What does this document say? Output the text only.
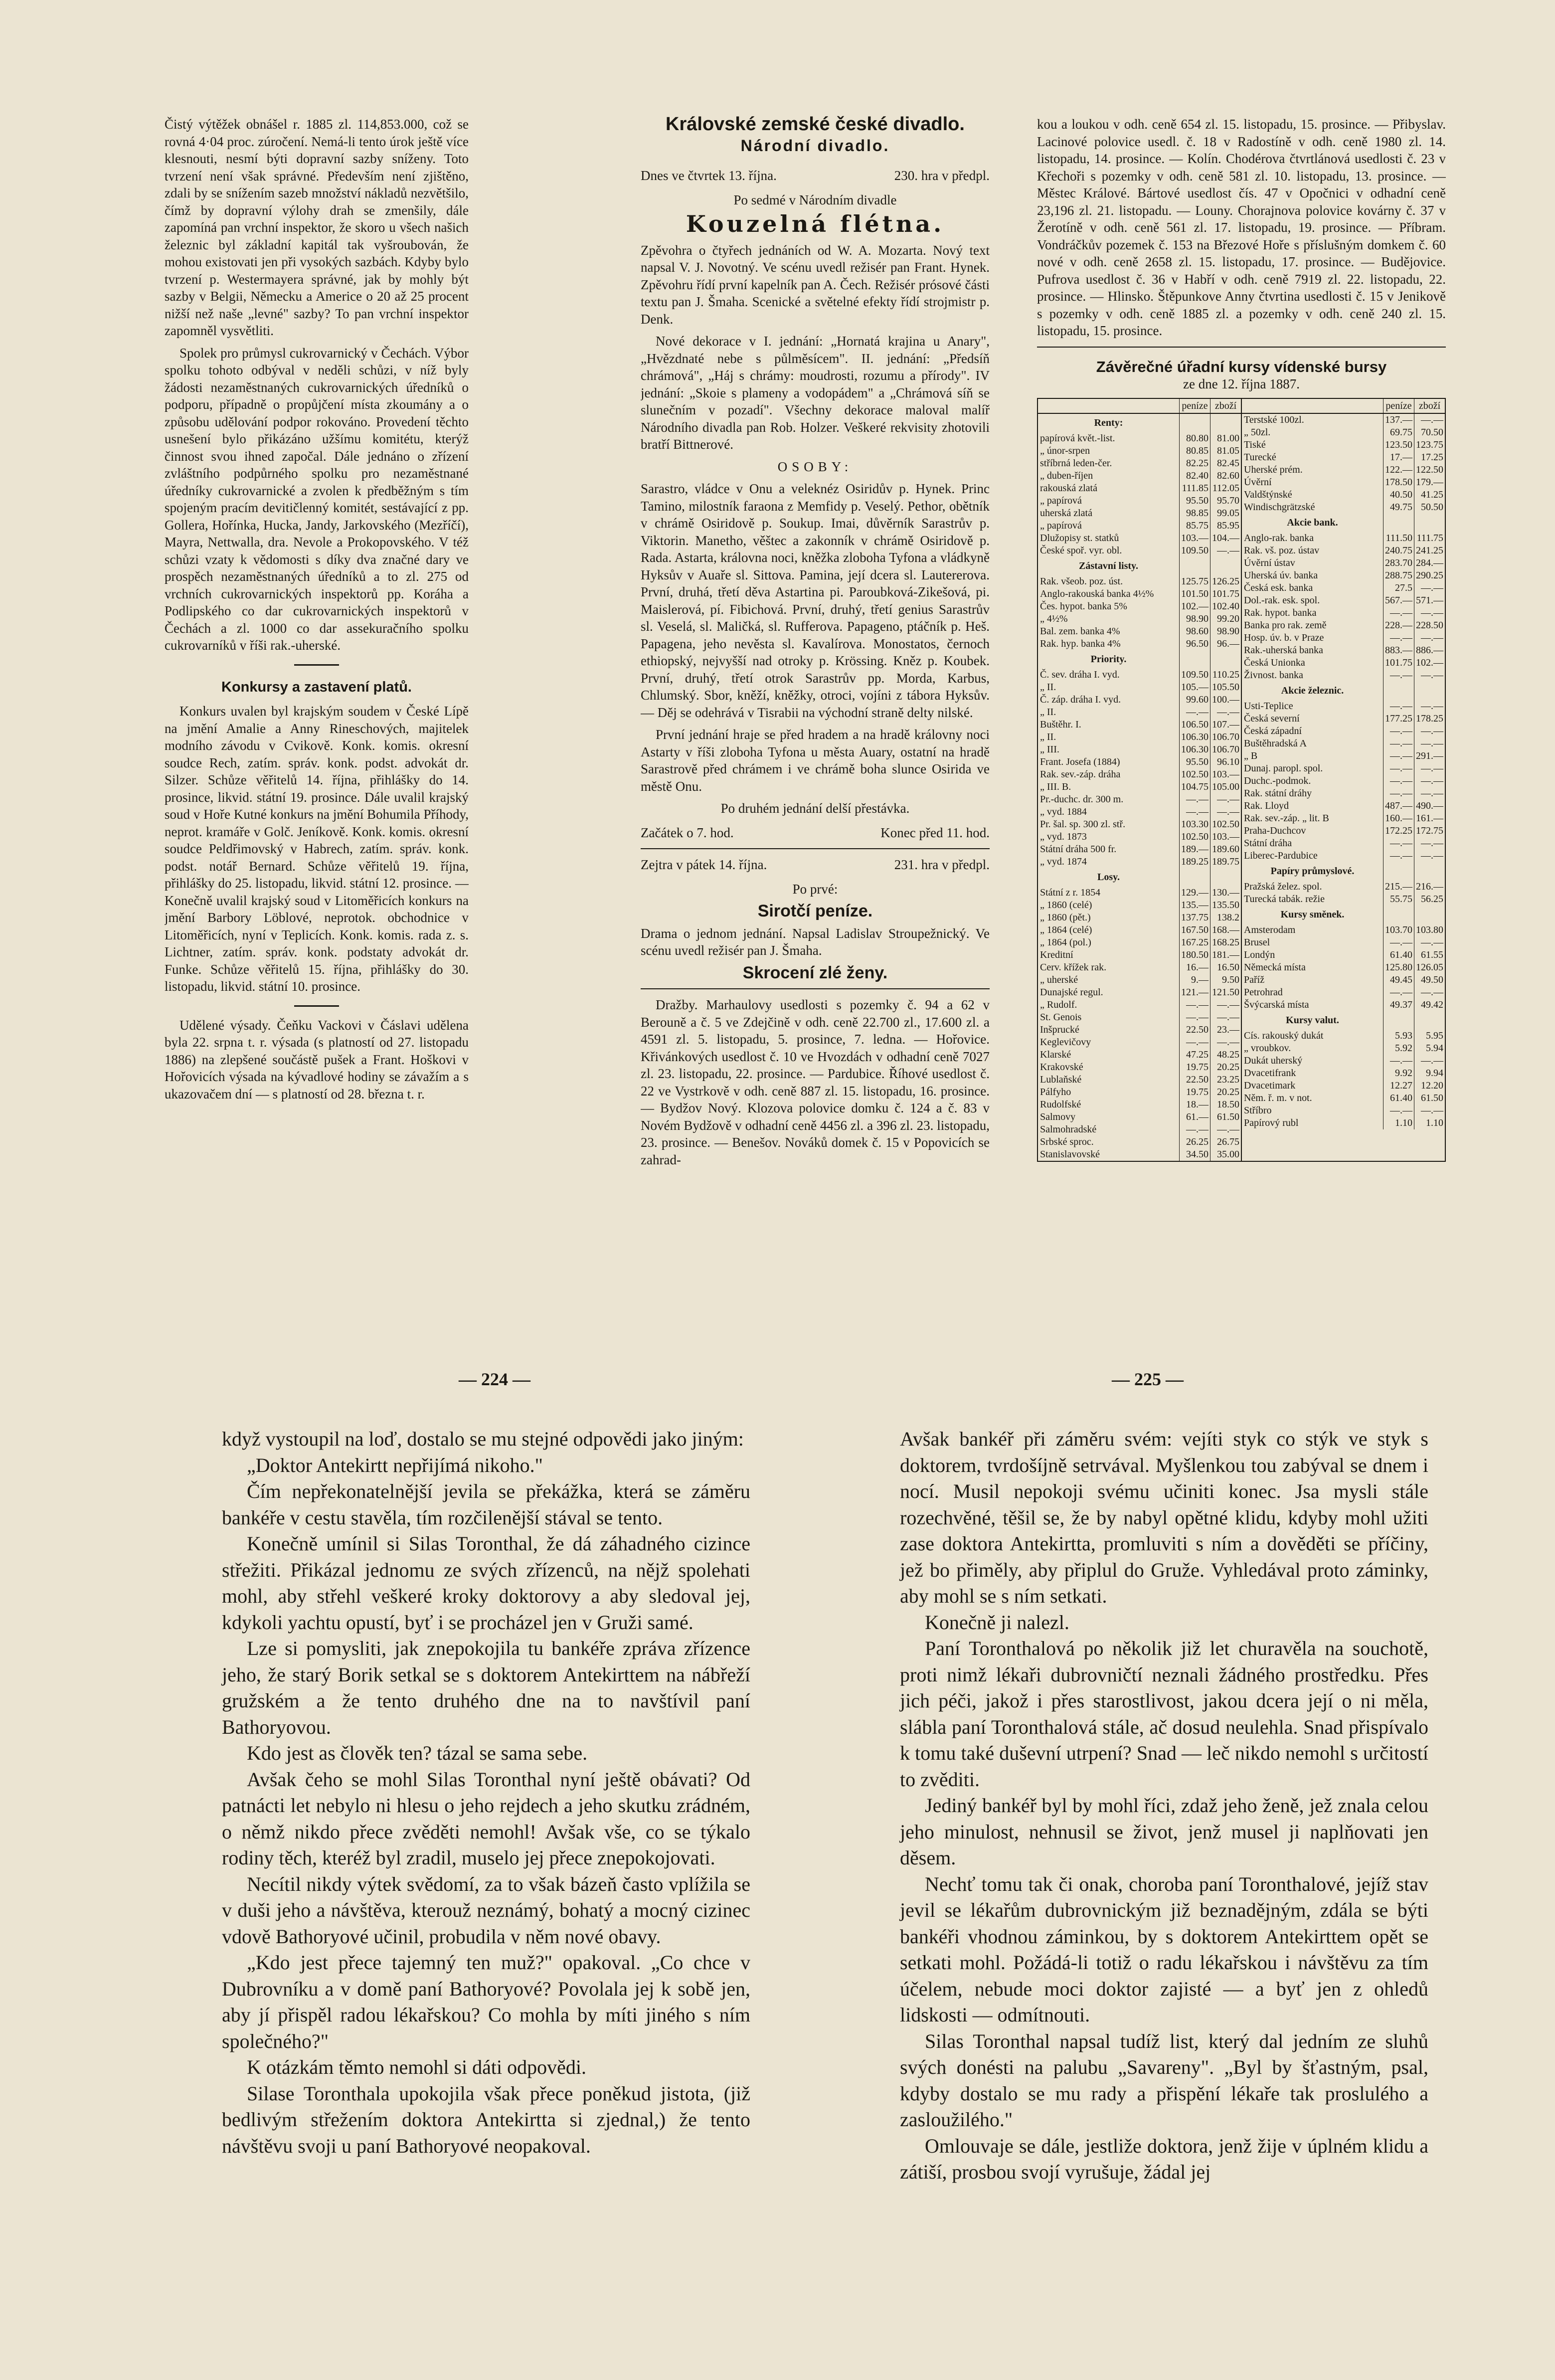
Čistý výtěžek obnášel r. 1885 zl. 114,853.000, což se rovná 4·04 proc. zúročení. Nemá-li tento úrok ještě více klesnouti, nesmí býti dopravní sazby sníženy. Toto tvrzení není však správné. Především není zjištěno, zdali by se snížením sazeb množství nákladů nezvětšilo, čímž by dopravní výlohy drah se zmenšily, dále zapomíná pan vrchní inspektor, že skoro u všech našich železnic byl základní kapitál tak vyšroubován, že mohou existovati jen při vysokých sazbách. Kdyby bylo tvrzení p. Westermayera správné, jak by mohly být sazby v Belgii, Německu a Americe o 20 až 25 procent nižší než naše „levné" sazby? To pan vrchní inspektor zapomněl vysvětliti.

Spolek pro průmysl cukrovarnický v Čechách. Výbor spolku tohoto odbýval v neděli schůzi, v níž byly žádosti nezaměstnaných cukrovarnických úředníků o podporu, případně o propůjčení místa zkoumány a o způsobu udělování podpor rokováno. Provedení těchto usnešení bylo přikázáno užšímu komitétu, kterýž činnost svou ihned započal. Dále jednáno o zřízení zvláštního podpůrného spolku pro nezaměstnané úředníky cukrovarnické a zvolen k předběžným s tím spojeným pracím devitičlenný komitét, sestávající z pp. Gollera, Hořínka, Hucka, Jandy, Jarkovského (Mezříčí), Mayra, Nettwalla, dra. Nevole a Prokopovského. V též schůzi vzaty k vědomosti s díky dva značné dary ve prospěch nezaměstnaných úředníků a to zl. 275 od vrchních cukrovarnických inspektorů pp. Koráha a Podlipského co dar cukrovarnických inspektorů v Čechách a zl. 1000 co dar assekuračního spolku cukrovarníků v říši rak.-uherské.

Konkursy a zastavení platů.

Konkurs uvalen byl krajským soudem v České Lípě na jmění Amalie a Anny Rineschových, majitelek modního závodu v Cvikově. Konk. komis. okresní soudce Rech, zatím. správ. konk. podst. advokát dr. Silzer. Schůze věřitelů 14. října, přihlášky do 14. prosince, likvid. státní 19. prosince. Dále uvalil krajský soud v Hoře Kutné konkurs na jmění Bohumila Příhody, neprot. kramáře v Golč. Jeníkově. Konk. komis. okresní soudce Peldřimovský v Habrech, zatím. správ. konk. podst. notář Bernard. Schůze věřitelů 19. října, přihlášky do 25. listopadu, likvid. státní 12. prosince. — Konečně uvalil krajský soud v Litoměřicích konkurs na jmění Barbory Löblové, neprotok. obchodnice v Litoměřicích, nyní v Teplicích. Konk. komis. rada z. s. Lichtner, zatím. správ. konk. podstaty advokát dr. Funke. Schůze věřitelů 15. října, přihlášky do 30. listopadu, likvid. státní 10. prosince.

Udělené výsady. Čeňku Vackovi v Čáslavi udělena byla 22. srpna t. r. výsada (s platností od 27. listopadu 1886) na zlepšené součástě pušek a Frant. Hoškovi v Hořovicích výsada na kývadlové hodiny se závažím a s ukazovačem dní — s platností od 28. března t. r.

Královské zemské české divadlo.
Národní divadlo.
Dnes ve čtvrtek 13. října.	230. hra v předpl.

Po sedmé v Národním divadle

Kouzelná flétna.

Zpěvohra o čtyřech jednáních od W. A. Mozarta. Nový text napsal V. J. Novotný. Ve scénu uvedl režisér pan Frant. Hynek. Zpěvohru řídí první kapelník pan A. Čech. Režisér prósové části textu pan J. Šmaha. Scenické a světelné efekty řídí strojmistr p. Denk.

Nové dekorace v I. jednání: „Hornatá krajina u Anary", „Hvězdnaté nebe s půlměsícem". II. jednání: „Předsíň chrámová", „Háj s chrámy: moudrosti, rozumu a přírody". IV jednání: „Skoie s plameny a vodopádem" a „Chrámová síň se slunečním v pozadí". Všechny dekorace maloval malíř Národního divadla pan Rob. Holzer. Veškeré rekvisity zhotovili bratří Bittnerové.

OSOBY:

Sarastro, vládce v Onu a veleknéz Osiridův p. Hynek. Princ Tamino, milostník faraona z Memfidy p. Veselý. Pethor, obětník v chrámě Osiridově p. Soukup. Imai, důvěrník Sarastrův p. Viktorin. Manetho, věštec a zakonník v chrámě Osiridově p. Rada. Astarta, královna noci, kněžka zloboha Tyfona a vládkyně Hyksův v Auaře sl. Sittova. Pamina, její dcera sl. Lautererova. První, druhá, třetí děva Astartina pi. Paroubková-Zikešová, pi. Maislerová, pí. Fibichová. První, druhý, třetí genius Sarastrův sl. Veselá, sl. Maličká, sl. Rufferova. Papageno, ptáčník p. Heš. Papagena, jeho nevěsta sl. Kavalírova. Monostatos, černoch ethiopský, nejvyšší nad otroky p. Krössing. Kněz p. Koubek. První, druhý, třetí otrok Sarastrův pp. Morda, Karbus, Chlumský. Sbor, kněží, kněžky, otroci, vojíni z tábora Hyksův. — Děj se odehrává v Tisrabii na východní straně delty nilské.

První jednání hraje se před hradem a na hradě královny noci Astarty v říši zloboha Tyfona u města Auary, ostatní na hradě Sarastrově před chrámem i ve chrámě boha slunce Osirida ve městě Onu.

Po druhém jednání delší přestávka.

Začátek o 7. hod.	Konec před 11. hod.
Zejtra v pátek 14. října.	231. hra v předpl.

Po prvé:

Sirotčí peníze.

Drama o jednom jednání. Napsal Ladislav Stroupežnický. Ve scénu uvedl režisér pan J. Šmaha.

Skrocení zlé ženy.

Dražby. Marhaulovy usedlosti s pozemky č. 94 a 62 v Berouně a č. 5 ve Zdejčině v odh. ceně 22.700 zl., 17.600 zl. a 4591 zl. 5. listopadu, 5. prosince, 7. ledna. — Hořovice. Křivánkových usedlost č. 10 ve Hvozdách v odhadní ceně 7027 zl. 23. listopadu, 22. prosince. — Pardubice. Říhové usedlost č. 22 ve Vystrkově v odh. ceně 887 zl. 15. listopadu, 16. prosince. — Bydžov Nový. Klozova polovice domku č. 124 a č. 83 v Novém Bydžově v odhadní ceně 4456 zl. a 396 zl. 23. listopadu, 23. prosince. — Benešov. Nováků domek č. 15 v Popovicích se zahrad-

kou a loukou v odh. ceně 654 zl. 15. listopadu, 15. prosince. — Přibyslav. Lacinové polovice usedl. č. 18 v Radostíně v odh. ceně 1980 zl. 14. listopadu, 14. prosince. — Kolín. Chodérova čtvrtlánová usedlosti č. 23 v Křechoři s pozemky v odh. ceně 581 zl. 10. listopadu, 13. prosince. — Městec Králové. Bártové usedlost čís. 47 v Opočnici v odhadní ceně 23,196 zl. 21. listopadu. — Louny. Chorajnova polovice kovárny č. 37 v Žerotíně v odh. ceně 561 zl. 17. listopadu, 19. prosince. — Příbram. Vondráčkův pozemek č. 153 na Březové Hoře s příslušným domkem č. 60 nové v odh. ceně 2658 zl. 15. listopadu, 17. prosince. — Budějovice. Pufrova usedlost č. 36 v Habří v odh. ceně 7919 zl. 22. listopadu, 22. prosince. — Hlinsko. Štěpunkove Anny čtvrtina usedlosti č. 15 v Jenikově s pozemky v odh. ceně 1885 zl. a pozemky v odh. ceně 240 zl. 15. listopadu, 15. prosince.

Závěrečné úřadní kursy vídenské bursy
ze dne 12. října 1887.
peníze zboží
Renty:
papírová květ.-list.	80.80 81.00
„ únor-srpen	80.85 81.05
stříbrná leden-čer.	82.25 82.45
„ duben-říjen	82.40 82.60
rakouská zlatá	111.85 112.05
„ papírová	95.50 95.70
uherská zlatá	98.85 99.05
„ papírová	85.75 85.95
Dlužopisy st. statků	103.— 104.—
České spoř. vyr. obl.	109.50 —.—
Zástavní listy.
Rak. všeob. poz. úst.	125.75 126.25
Anglo-rakouská banka 4½%	101.50 101.75
Čes. hypot. banka 5%	102.— 102.40
„ 4½%	98.90 99.20
Bal. zem. banka 4%	98.60 98.90
Rak. hyp. banka 4%	96.50 96.—
Priority.
Č. sev. dráha I. vyd.	109.50 110.25
„ II.	105.— 105.50
Č. záp. dráha I. vyd.	99.60 100.—
„ II.	—.— —.—
Buštěhr. I.	106.50 107.—
„ II.	106.30 106.70
„ III.	106.30 106.70
Frant. Josefa (1884)	95.50 96.10
Rak. sev.-záp. dráha	102.50 103.—
„ III. B.	104.75 105.00
Pr.-duchc. dr. 300 m.	—.— —.—
„ vyd. 1884	—.— —.—
Pr. šal. sp. 300 zl. stř.	103.30 102.50
„ vyd. 1873	102.50 103.—
Státní dráha 500 fr.	189.— 189.60
„ vyd. 1874	189.25 189.75
Losy.
Státní z r. 1854	129.— 130.—
„ 1860 (celé)	135.— 135.50
„ 1860 (pět.)	137.75 138.2
„ 1864 (celé)	167.50 168.—
„ 1864 (pol.)	167.25 168.25
Kreditní	180.50 181.—
Cerv. křížek rak.	16.— 16.50
„ uherské	9.—	9.50
Dunajské regul.	121.— 121.50
„ Rudolf.	—.— —.—
St. Genois	—.— —.—
Inšprucké	22.50 23.—
Keglevičovy	—.— —.—
Klarské	47.25 48.25
Krakovské	19.75 20.25
Lublaňské	22.50 23.25
Pálfyho	19.75 20.25
Rudolfské	18.— 18.50
Salmovy	61.— 61.50
Salmohradské	—.— —.—
Srbské sproc.	26.25 26.75
Stanislavovské	34.50 35.00
peníze zboží
Terstské 100zl.	137.— —.—
„ 50zl.	69.75 70.50
Tiské	123.50 123.75
Turecké	17.— 17.25
Uherské prém.	122.— 122.50
Úvěrní	178.50 179.—
Valdštýnské	40.50 41.25
Windischgrätzské	49.75 50.50
Akcie bank.
Anglo-rak. banka	111.50 111.75
Rak. vš. poz. ústav	240.75 241.25
Úvěrní ústav	283.70 284.—
Uherská úv. banka	288.75 290.25
Česká esk. banka	27.5 —.—
Dol.-rak. esk. spol.	567.— 571.—
Rak. hypot. banka	—.— —.—
Banka pro rak. země	228.— 228.50
Hosp. úv. b. v Praze	—.— —.—
Rak.-uherská banka	883.— 886.—
Česká Unionka	101.75 102.—
Živnost. banka	—.— —.—
Akcie železnic.
Usti-Teplice	—.— —.—
Česká severní	177.25 178.25
Česká západní	—.— —.—
Buštěhradská A	—.— —.—
„ B	—.— 291.—
Dunaj. paropl. spol.	—.— —.—
Duchc.-podmok.	—.— —.—
Rak. státní dráhy	—.— —.—
Rak. Lloyd	487.— 490.—
Rak. sev.-záp. „ lit. B	160.— 161.—
Praha-Duchcov	172.25 172.75
Státní dráha	—.— —.—
Liberec-Pardubice	—.— —.—
Papíry průmyslové.
Pražská želez. spol.	215.— 216.—
Turecká tabák. režie	55.75 56.25
Kursy směnek.
Amsterodam	103.70 103.80
Brusel	—.— —.—
Londýn	61.40 61.55
Německá místa	125.80 126.05
Paříž	49.45 49.50
Petrohrad	—.— —.—
Švýcarská místa	49.37 49.42
Kursy valut.
Cís. rakouský dukát	5.93	5.95
„ vroubkov.	5.92	5.94
Dukát uherský	—.— —.—
Dvacetifrank	9.92	9.94
Dvacetimark	12.27 12.20
Něm. ř. m. v not.	61.40 61.50
Stříbro	—.— —.—
Papírový rubl	1.10	1.10
— 224 —	— 225 —

když vystoupil na loď, dostalo se mu stejné odpovědi jako jiným:

„Doktor Antekirtt nepřijímá nikoho."

Čím nepřekonatelnější jevila se překážka, která se záměru bankéře v cestu stavěla, tím rozčilenější stával se tento.

Konečně umínil si Silas Toronthal, že dá záhadného cizince střežiti. Přikázal jednomu ze svých zřízenců, na nějž spolehati mohl, aby střehl veškeré kroky doktorovy a aby sledoval jej, kdykoli yachtu opustí, byť i se procházel jen v Gruži samé.

Lze si pomysliti, jak znepokojila tu bankéře zpráva zřízence jeho, že starý Borik setkal se s doktorem Antekirttem na nábřeží gružském a že tento druhého dne na to navštívil paní Bathoryovou.

Kdo jest as člověk ten? tázal se sama sebe.

Avšak čeho se mohl Silas Toronthal nyní ještě obávati? Od patnácti let nebylo ni hlesu o jeho rejdech a jeho skutku zrádném, o němž nikdo přece zvěděti nemohl! Avšak vše, co se týkalo rodiny těch, kteréž byl zradil, muselo jej přece znepokojovati.

Necítil nikdy výtek svědomí, za to však bázeň často vplížila se v duši jeho a návštěva, kterouž neznámý, bohatý a mocný cizinec vdově Bathoryové učinil, probudila v něm nové obavy.

„Kdo jest přece tajemný ten muž?" opakoval. „Co chce v Dubrovníku a v domě paní Bathoryové? Povolala jej k sobě jen, aby jí přispěl radou lékařskou? Co mohla by míti jiného s ním společného?"

K otázkám těmto nemohl si dáti odpovědi.

Silase Toronthala upokojila však přece poněkud jistota, (již bedlivým střežením doktora Antekirtta si zjednal,) že tento návštěvu svoji u paní Bathoryové neopakoval.

Avšak bankéř při záměru svém: vejíti styk co stýk ve styk s doktorem, tvrdošíjně setrvával. Myšlenkou tou zabýval se dnem i nocí. Musil nepokoji svému učiniti konec. Jsa mysli stále rozechvěné, těšil se, že by nabyl opětné klidu, kdyby mohl užiti zase doktora Antekirtta, promluviti s ním a dověděti se příčiny, jež bo přiměly, aby připlul do Gruže. Vyhledával proto záminky, aby mohl se s ním setkati.

Konečně ji nalezl.

Paní Toronthalová po několik již let churavěla na souchotě, proti nimž lékaři dubrovničtí neznali žádného prostředku. Přes jich péči, jakož i přes starostlivost, jakou dcera její o ni měla, slábla paní Toronthalová stále, ač dosud neulehla. Snad přispívalo k tomu také duševní utrpení? Snad — leč nikdo nemohl s určitostí to zvěditi.

Jediný bankéř byl by mohl říci, zdaž jeho ženě, jež znala celou jeho minulost, nehnusil se život, jenž musel ji naplňovati jen děsem.

Nechť tomu tak či onak, choroba paní Toronthalové, jejíž stav jevil se lékařům dubrovnickým již beznadějným, zdála se býti bankéři vhodnou záminkou, by s doktorem Antekirttem opět se setkati mohl. Požádá-li totiž o radu lékařskou i návštěvu za tím účelem, nebude moci doktor zajisté — a byť jen z ohledů lidskosti — odmítnouti.

Silas Toronthal napsal tudíž list, který dal jedním ze sluhů svých donésti na palubu „Savareny". „Byl by šťastným, psal, kdyby dostalo se mu rady a přispění lékaře tak proslulého a zasloužilého."

Omlouvaje se dále, jestliže doktora, jenž žije v úplném klidu a zátiší, prosbou svojí vyrušuje, žádal jej
